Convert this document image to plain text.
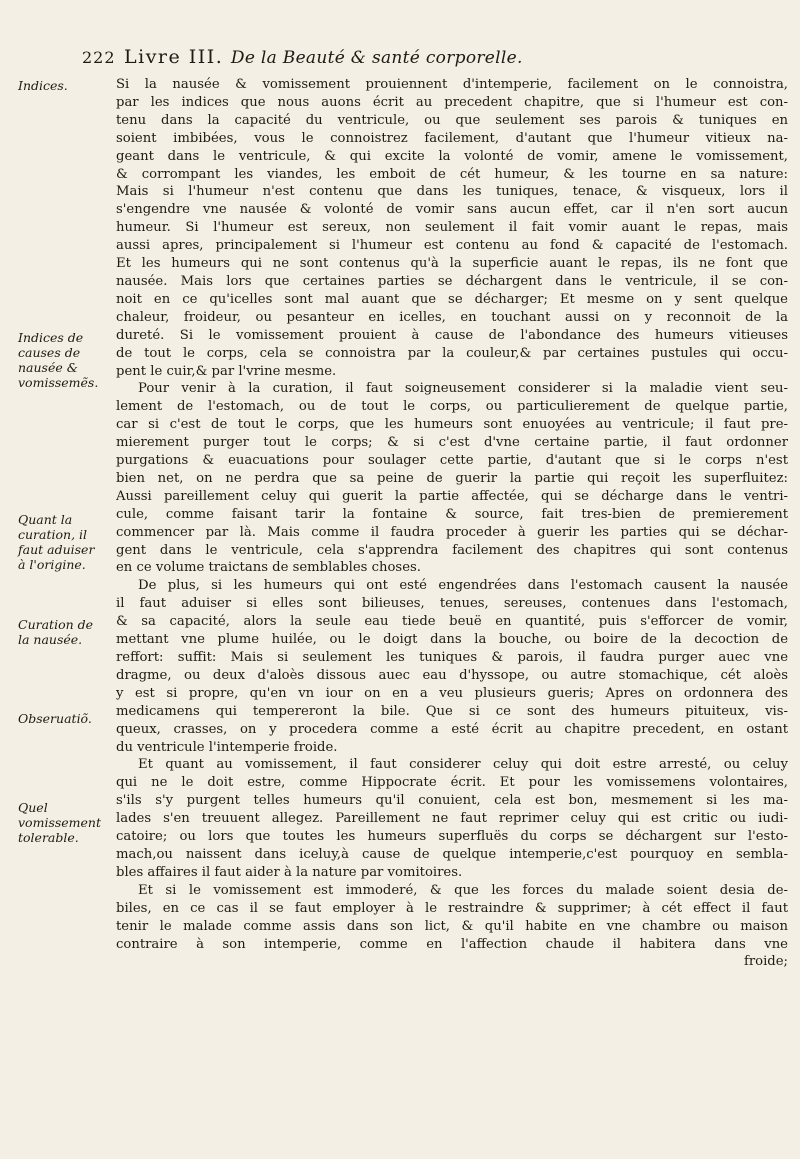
222 Livre III. De la Beauté & santé corporelle.
Indices.
Indices de causes de nausée & vomissemẽs.
Quant la curation, il faut aduiser à l'origine.
Curation de la nausée.
Obseruatiõ.
Quel vomissement tolerable.
Si la nausée & vomissement prouiennent d'intemperie, facilement on le connoistra,
par les indices que nous auons écrit au precedent chapitre, que si l'humeur est con-
tenu dans la capacité du ventricule, ou que seulement ses parois & tuniques en
soient imbibées, vous le connoistrez facilement, d'autant que l'humeur vitieux na-
geant dans le ventricule, & qui excite la volonté de vomir, amene le vomissement,
& corrompant les viandes, les emboit de cét humeur, & les tourne en sa nature:
Mais si l'humeur n'est contenu que dans les tuniques, tenace, & visqueux, lors il
s'engendre vne nausée & volonté de vomir sans aucun effet, car il n'en sort aucun
humeur. Si l'humeur est sereux, non seulement il fait vomir auant le repas, mais
aussi apres, principalement si l'humeur est contenu au fond & capacité de l'estomach.
Et les humeurs qui ne sont contenus qu'à la superficie auant le repas, ils ne font que
nausée. Mais lors que certaines parties se déchargent dans le ventricule, il se con-
noit en ce qu'icelles sont mal auant que se décharger; Et mesme on y sent quelque
chaleur, froideur, ou pesanteur en icelles, en touchant aussi on y reconnoit de la
dureté. Si le vomissement prouient à cause de l'abondance des humeurs vitieuses
de tout le corps, cela se connoistra par la couleur,& par certaines pustules qui occu-
pent le cuir,& par l'vrine mesme.
Pour venir à la curation, il faut soigneusement considerer si la maladie vient seu-
lement de l'estomach, ou de tout le corps, ou particulierement de quelque partie,
car si c'est de tout le corps, que les humeurs sont enuoyées au ventricule; il faut pre-
mierement purger tout le corps; & si c'est d'vne certaine partie, il faut ordonner
purgations & euacuations pour soulager cette partie, d'autant que si le corps n'est
bien net, on ne perdra que sa peine de guerir la partie qui reçoit les superfluitez:
Aussi pareillement celuy qui guerit la partie affectée, qui se décharge dans le ventri-
cule, comme faisant tarir la fontaine & source, fait tres-bien de premierement
commencer par là. Mais comme il faudra proceder à guerir les parties qui se déchar-
gent dans le ventricule, cela s'apprendra facilement des chapitres qui sont contenus
en ce volume traictans de semblables choses.
De plus, si les humeurs qui ont esté engendrées dans l'estomach causent la nausée
il faut aduiser si elles sont bilieuses, tenues, sereuses, contenues dans l'estomach,
& sa capacité, alors la seule eau tiede beuë en quantité, puis s'efforcer de vomir,
mettant vne plume huilée, ou le doigt dans la bouche, ou boire de la decoction de
reffort: suffit: Mais si seulement les tuniques & parois, il faudra purger auec vne
dragme, ou deux d'aloès dissous auec eau d'hyssope, ou autre stomachique, cét aloès
y est si propre, qu'en vn iour on en a veu plusieurs gueris; Apres on ordonnera des
medicamens qui tempereront la bile. Que si ce sont des humeurs pituiteux, vis-
queux, crasses, on y procedera comme a esté écrit au chapitre precedent, en ostant
du ventricule l'intemperie froide.
Et quant au vomissement, il faut considerer celuy qui doit estre arresté, ou celuy
qui ne le doit estre, comme Hippocrate écrit. Et pour les vomissemens volontaires,
s'ils s'y purgent telles humeurs qu'il conuient, cela est bon, mesmement si les ma-
lades s'en treuuent allegez. Pareillement ne faut reprimer celuy qui est critic ou iudi-
catoire; ou lors que toutes les humeurs superfluës du corps se déchargent sur l'esto-
mach,ou naissent dans iceluy,à cause de quelque intemperie,c'est pourquoy en sembla-
bles affaires il faut aider à la nature par vomitoires.
Et si le vomissement est immoderé, & que les forces du malade soient desia de-
biles, en ce cas il se faut employer à le restraindre & supprimer; à cét effect il faut
tenir le malade comme assis dans son lict, & qu'il habite en vne chambre ou maison
contraire à son intemperie, comme en l'affection chaude il habitera dans vne
froide;
